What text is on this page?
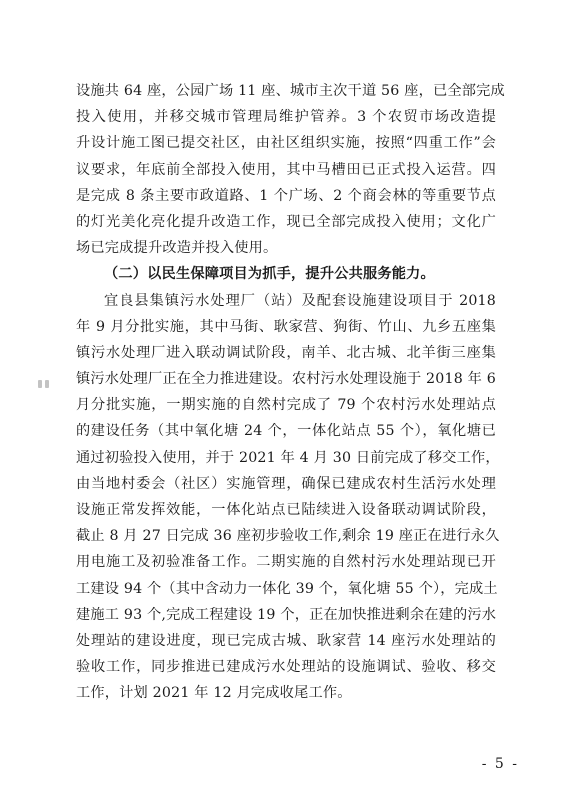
设施共 64 座，公园广场 11 座、城市主次干道 56 座，已全部完成
投入使用，并移交城市管理局维护管养。3 个农贸市场改造提
升设计施工图已提交社区，由社区组织实施，按照“四重工作”会
议要求，年底前全部投入使用，其中马槽田已正式投入运营。四
是完成 8 条主要市政道路、1 个广场、2 个商会林的等重要节点
的灯光美化亮化提升改造工作，现已全部完成投入使用；文化广
场已完成提升改造并投入使用。
（二）以民生保障项目为抓手，提升公共服务能力。
宜良县集镇污水处理厂（站）及配套设施建设项目于 2018
年 9 月分批实施，其中马街、耿家营、狗街、竹山、九乡五座集
镇污水处理厂进入联动调试阶段，南羊、北古城、北羊街三座集
镇污水处理厂正在全力推进建设。农村污水处理设施于 2018 年 6
月分批实施，一期实施的自然村完成了 79 个农村污水处理站点
的建设任务（其中氧化塘 24 个，一体化站点 55 个），氧化塘已
通过初验投入使用，并于 2021 年 4 月 30 日前完成了移交工作，
由当地村委会（社区）实施管理，确保已建成农村生活污水处理
设施正常发挥效能，一体化站点已陆续进入设备联动调试阶段，
截止 8 月 27 日完成 36 座初步验收工作,剩余 19 座正在进行永久
用电施工及初验准备工作。二期实施的自然村污水处理站现已开
工建设 94 个（其中含动力一体化 39 个，氧化塘 55 个），完成土
建施工 93 个,完成工程建设 19 个，正在加快推进剩余在建的污水
处理站的建设进度，现已完成古城、耿家营 14 座污水处理站的
验收工作，同步推进已建成污水处理站的设施调试、验收、移交
工作，计划 2021 年 12 月完成收尾工作。
- 5 -
